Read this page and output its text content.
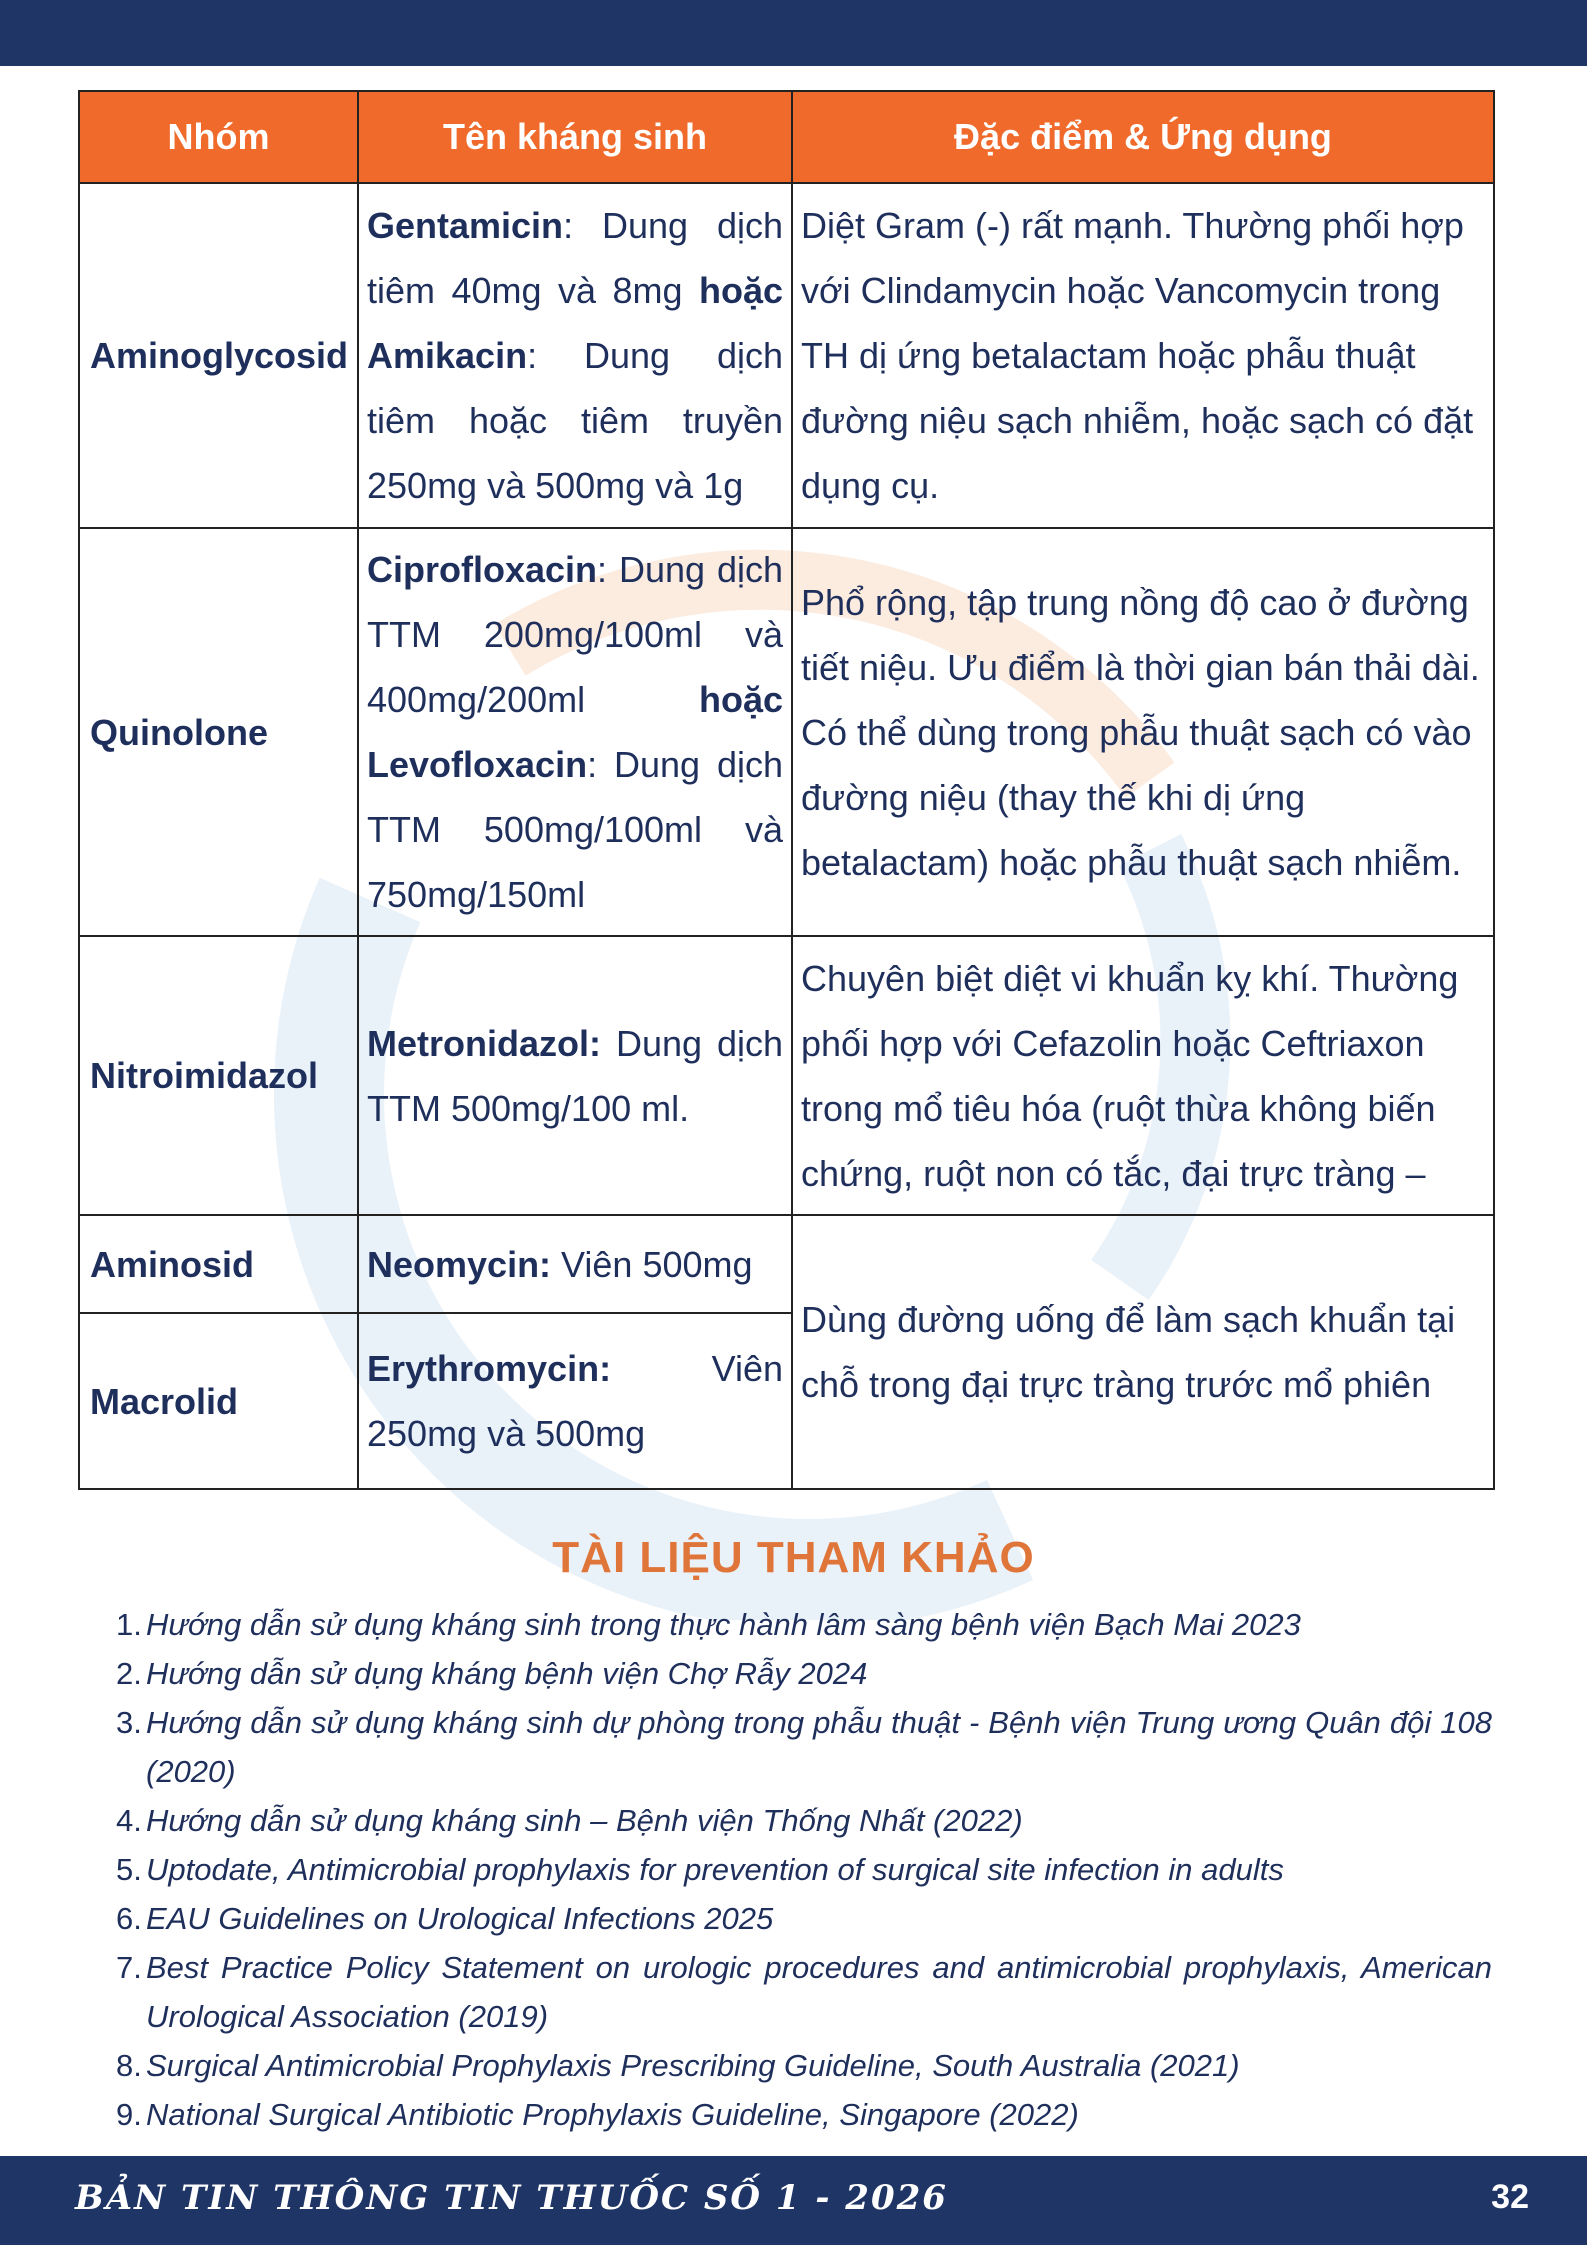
Nhóm	Tên kháng sinh	Đặc điểm & Ứng dụng
Aminoglycosid	Gentamicin: Dung dịch tiêm 40mg và 8mg hoặc Amikacin: Dung dịch tiêm hoặc tiêm truyền 250mg và 500mg và 1g	Diệt Gram (-) rất mạnh. Thường phối hợp với Clindamycin hoặc Vancomycin trong TH dị ứng betalactam hoặc phẫu thuật đường niệu sạch nhiễm, hoặc sạch có đặt dụng cụ.
Quinolone	Ciprofloxacin: Dung dịch TTM 200mg/100ml và 400mg/200ml hoặc Levofloxacin: Dung dịch TTM 500mg/100ml và 750mg/150ml	Phổ rộng, tập trung nồng độ cao ở đường tiết niệu. Ưu điểm là thời gian bán thải dài. Có thể dùng trong phẫu thuật sạch có vào đường niệu (thay thế khi dị ứng betalactam) hoặc phẫu thuật sạch nhiễm.
Nitroimidazol	Metronidazol: Dung dịch TTM 500mg/100 ml.	Chuyên biệt diệt vi khuẩn kỵ khí. Thường phối hợp với Cefazolin hoặc Ceftriaxon trong mổ tiêu hóa (ruột thừa không biến chứng, ruột non có tắc, đại trực tràng –
Aminosid	Neomycin: Viên 500mg	Dùng đường uống để làm sạch khuẩn tại chỗ trong đại trực tràng trước mổ phiên
Macrolid	Erythromycin: Viên 250mg và 500mg	
TÀI LIỆU THAM KHẢO
1. Hướng dẫn sử dụng kháng sinh trong thực hành lâm sàng bệnh viện Bạch Mai 2023
2. Hướng dẫn sử dụng kháng bệnh viện Chợ Rẫy 2024
3. Hướng dẫn sử dụng kháng sinh dự phòng trong phẫu thuật - Bệnh viện Trung ương Quân đội 108 (2020)
4. Hướng dẫn sử dụng kháng sinh – Bệnh viện Thống Nhất (2022)
5. Uptodate, Antimicrobial prophylaxis for prevention of surgical site infection in adults
6. EAU Guidelines on Urological Infections 2025
7. Best Practice Policy Statement on urologic procedures and antimicrobial prophylaxis, American Urological Association (2019)
8. Surgical Antimicrobial Prophylaxis Prescribing Guideline, South Australia (2021)
9. National Surgical Antibiotic Prophylaxis Guideline, Singapore (2022)
BẢN TIN THÔNG TIN THUỐC SỐ 1 - 2026	32
